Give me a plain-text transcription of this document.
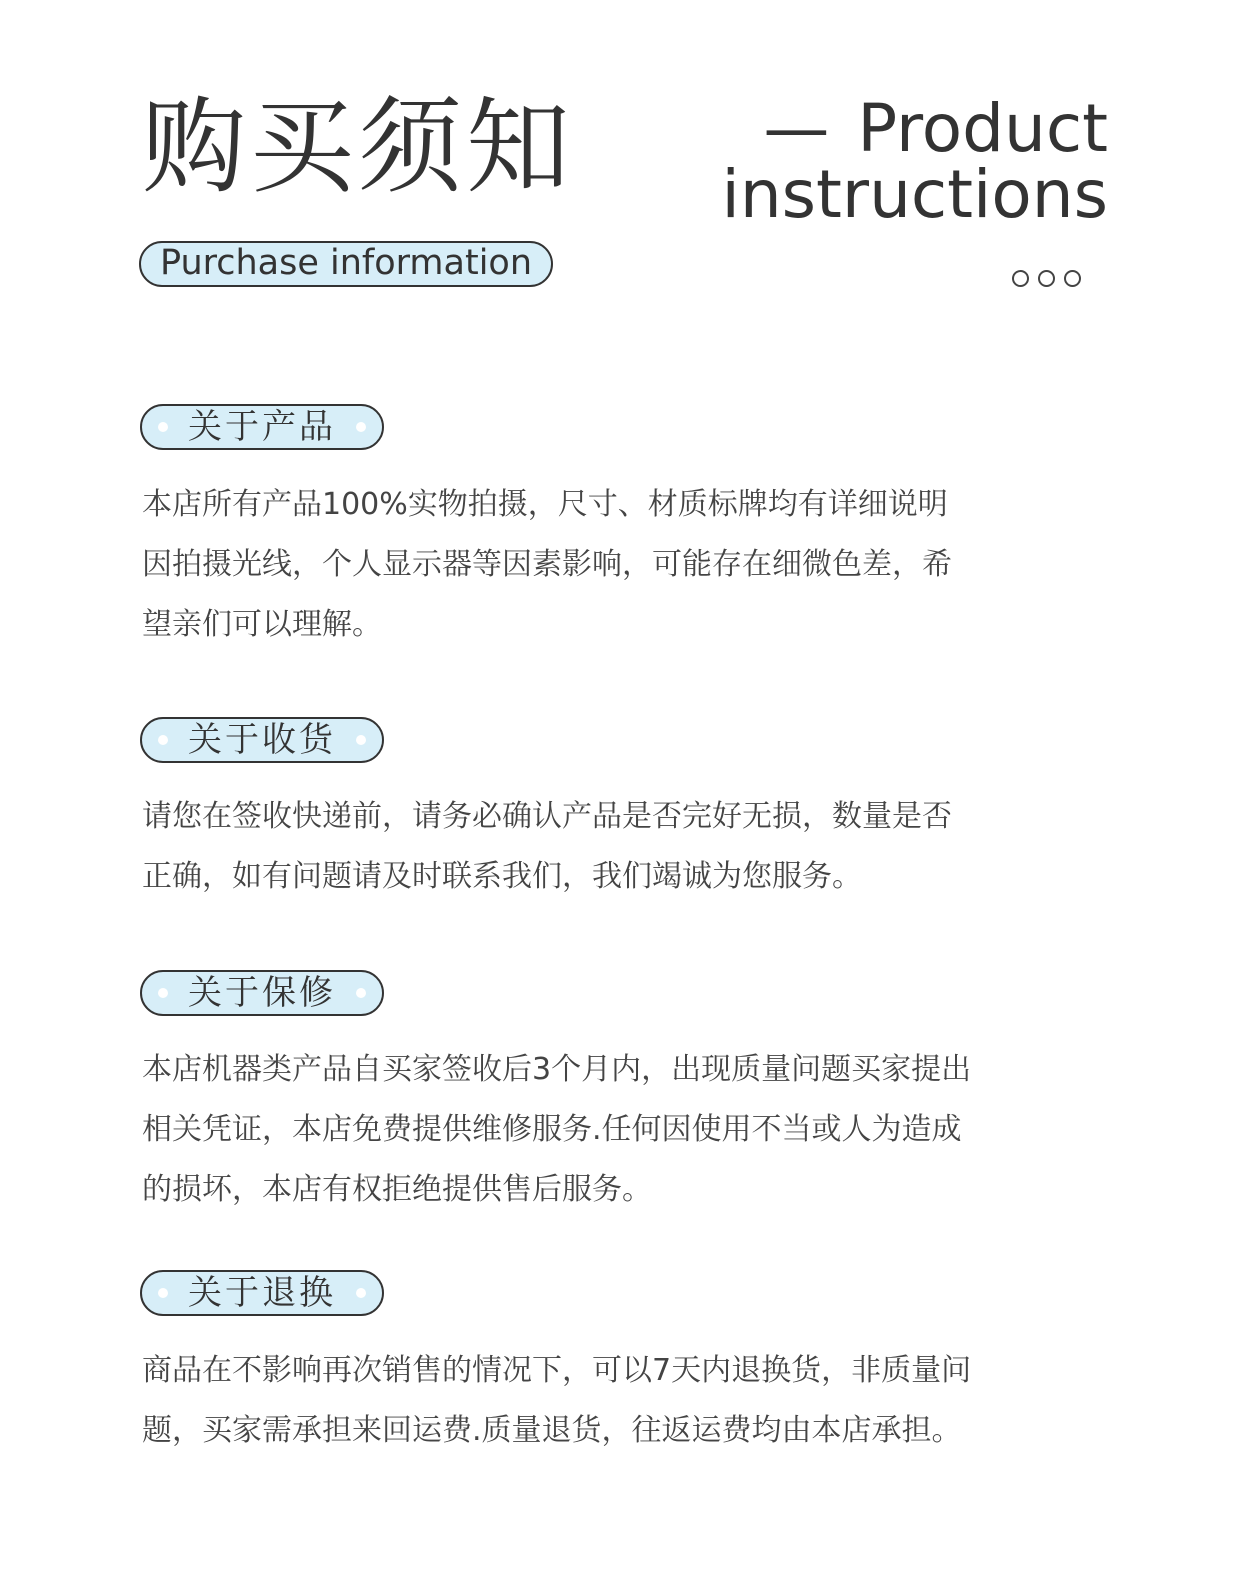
购买须知	— Product
instructions
Purchase information
关于产品

本店所有产品100%实物拍摄，尺寸、材质标牌均有详细说明
因拍摄光线，个人显示器等因素影响，可能存在细微色差，希
望亲们可以理解。

关于收货

请您在签收快递前，请务必确认产品是否完好无损，数量是否
正确，如有问题请及时联系我们，我们竭诚为您服务。

关于保修

本店机器类产品自买家签收后3个月内，出现质量问题买家提出
相关凭证，本店免费提供维修服务.任何因使用不当或人为造成
的损坏，本店有权拒绝提供售后服务。

关于退换

商品在不影响再次销售的情况下，可以7天内退换货，非质量问
题，买家需承担来回运费.质量退货，往返运费均由本店承担。
